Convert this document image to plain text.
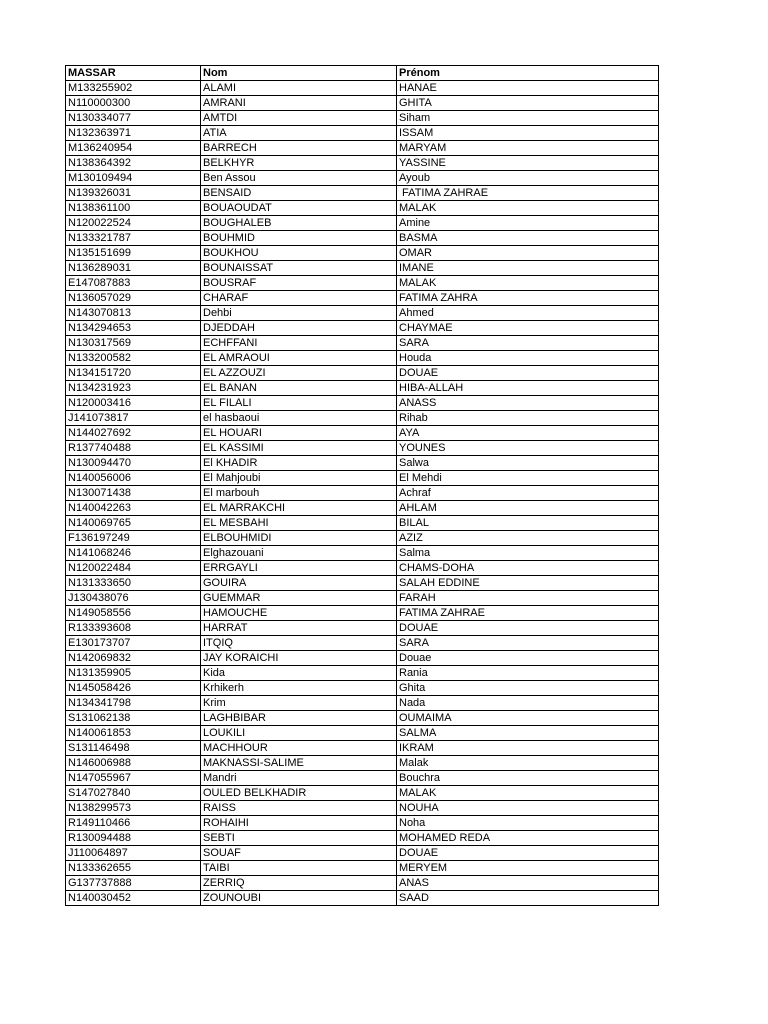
MASSAR	Nom	Prénom
M133255902	ALAMI	HANAE
N110000300	AMRANI	GHITA
N130334077	AMTDI	Siham
N132363971	ATIA	ISSAM
M136240954	BARRECH	MARYAM
N138364392	BELKHYR	YASSINE
M130109494	Ben Assou	Ayoub
N139326031	BENSAID	FATIMA ZAHRAE
N138361100	BOUAOUDAT	MALAK
N120022524	BOUGHALEB	Amine
N133321787	BOUHMID	BASMA
N135151699	BOUKHOU	OMAR
N136289031	BOUNAISSAT	IMANE
E147087883	BOUSRAF	MALAK
N136057029	CHARAF	FATIMA ZAHRA
N143070813	Dehbi	Ahmed
N134294653	DJEDDAH	CHAYMAE
N130317569	ECHFFANI	SARA
N133200582	EL AMRAOUI	Houda
N134151720	EL AZZOUZI	DOUAE
N134231923	EL BANAN	HIBA-ALLAH
N120003416	EL FILALI	ANASS
J141073817	el hasbaoui	Rihab
N144027692	EL HOUARI	AYA
R137740488	EL KASSIMI	YOUNES
N130094470	El KHADIR	Salwa
N140056006	El Mahjoubi	El Mehdi
N130071438	El marbouh	Achraf
N140042263	EL MARRAKCHI	AHLAM
N140069765	EL MESBAHI	BILAL
F136197249	ELBOUHMIDI	AZIZ
N141068246	Elghazouani	Salma
N120022484	ERRGAYLI	CHAMS-DOHA
N131333650	GOUIRA	SALAH EDDINE
J130438076	GUEMMAR	FARAH
N149058556	HAMOUCHE	FATIMA ZAHRAE
R133393608	HARRAT	DOUAE
E130173707	ITQIQ	SARA
N142069832	JAY KORAICHI	Douae
N131359905	Kida	Rania
N145058426	Krhikerh	Ghita
N134341798	Krim	Nada
S131062138	LAGHBIBAR	OUMAIMA
N140061853	LOUKILI	SALMA
S131146498	MACHHOUR	IKRAM
N146006988	MAKNASSI-SALIME	Malak
N147055967	Mandri	Bouchra
S147027840	OULED BELKHADIR	MALAK
N138299573	RAISS	NOUHA
R149110466	ROHAIHI	Noha
R130094488	SEBTI	MOHAMED REDA
J110064897	SOUAF	DOUAE
N133362655	TAIBI	MERYEM
G137737888	ZERRIQ	ANAS
N140030452	ZOUNOUBI	SAAD
